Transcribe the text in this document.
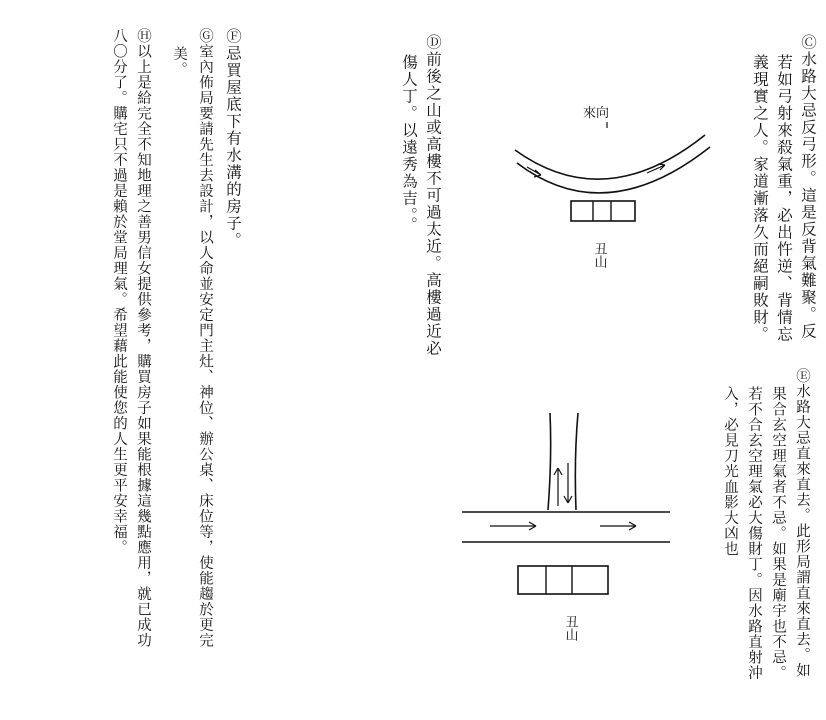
Ⓒ水路大忌反弓形。這是反背氣難聚。反
若如弓射來殺氣重，必出忤逆、背情忘
義現實之人。家道漸落久而絕嗣敗財。
Ⓔ水路大忌直來直去。此形局謂直來直去。如
果合玄空理氣者不忌。如果是廟宇也不忌。
若不合玄空理氣必大傷財丁。因水路直射沖
入，必見刀光血影大凶也
Ⓓ前後之山或高樓不可過太近。高樓過近必
傷人丁。以遠秀為吉。。
Ⓕ忌買屋底下有水溝的房子。
Ⓖ室內佈局要請先生去設計，以人命並安定門主灶、神位、辦公桌、床位等，使能趨於更完
美。
Ⓗ以上是給完全不知地理之善男信女提供參考，購買房子如果能根據這幾點應用，就已成功
八〇分了。購宅只不過是賴於堂局理氣。希望藉此能使您的人生更平安幸福。	來向
丑山
丑山
